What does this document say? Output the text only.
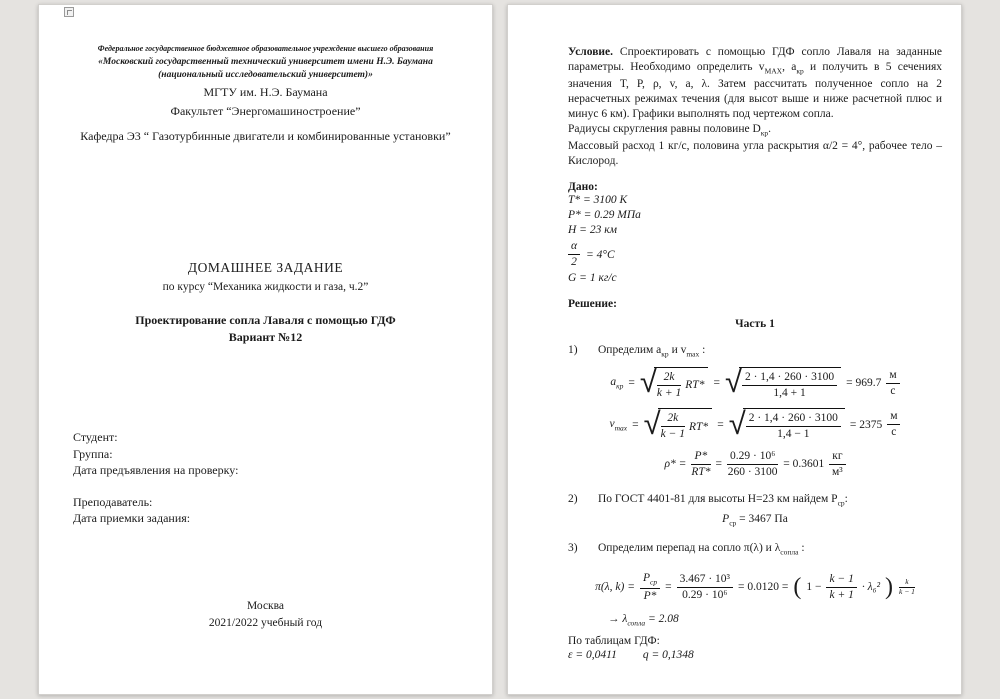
Федеральное государственное бюджетное образовательное учреждение высшего образования
«Московский государственный технический университет имени Н.Э. Баумана
(национальный исследовательский университет)»
МГТУ им. Н.Э. Баумана
Факультет “Энергомашиностроение”
Кафедра Э3 “ Газотурбинные двигатели и комбинированные установки”
ДОМАШНЕЕ ЗАДАНИЕ
по курсу “Механика жидкости и газа, ч.2”
Проектирование сопла Лаваля с помощью ГДФ
Вариант №12
Студент:
Группа:
Дата предъявления на проверку:
Преподаватель:
Дата приемки задания:
Москва
2021/2022 учебный год

Условие. Спроектировать с помощью ГДФ сопло Лаваля на заданные параметры. Необходимо определить $v_{MAX}$, $a_{кр}$ и получить в 5 сечениях значения T, P, ρ, v, a, λ. Затем рассчитать полученное сопло на 2 нерасчетных режимах течения (для высот выше и ниже расчетной плюс и минус 6 км). Графики выполнять под чертежом сопла.

Радиусы скругления равны половине $D_{кр}$.

Массовый расход 1 кг/с, половина угла раскрытия α/2 = 4°, рабочее тело – Кислород.

Дано:
T* = 3100 К
P* = 0.29 МПа
H = 23 км
$\frac{\alpha}{2} = 4^\circ С$
G = 1 кг/с
Решение:
Часть 1
1)	Определим $a_{кр}$ и $v_{max}$ :
$a_{кр}$ = √ $\frac{2k}{k + 1} RT*$ = √ $\frac{2 \cdot 1,4 \cdot 260 \cdot 3100}{1,4 + 1} = 969.7 \frac{м}{с}$
$v_{max}$ = √ $\frac{2k}{k - 1} RT*$ = √ $\frac{2 \cdot 1,4 \cdot 260 \cdot 3100}{1,4 - 1} = 2375 \frac{м}{с}$
$\rho* = \frac{P*}{RT*} = \frac{\text{0.29 · 10⁶}}{260 \cdot 3100} = 0.3601 \frac{кг}{\text{м³}}$
2)	По ГОСТ 4401-81 для высоты Н=23 км найдем $P_{ср}$:
$P_{ср} = 3467$ Па
3)	Определим перепад на сопло π(λ) и $\lambda_{сопла}$ :
π(λ, $k) = \frac{P_{ср}}{P*} = \frac{\text{3.467 · 10³}}{\text{0.29 · 10⁶}} = 0.0120$ = ( $1 - \frac{k - 1}{k + 1} \cdot \lambda_6^2$ )	k
k − 1
→ $\lambda_{сопла} = 2.08$
По таблицам ГДФ:
ε = 0,0411 q = 0,1348
